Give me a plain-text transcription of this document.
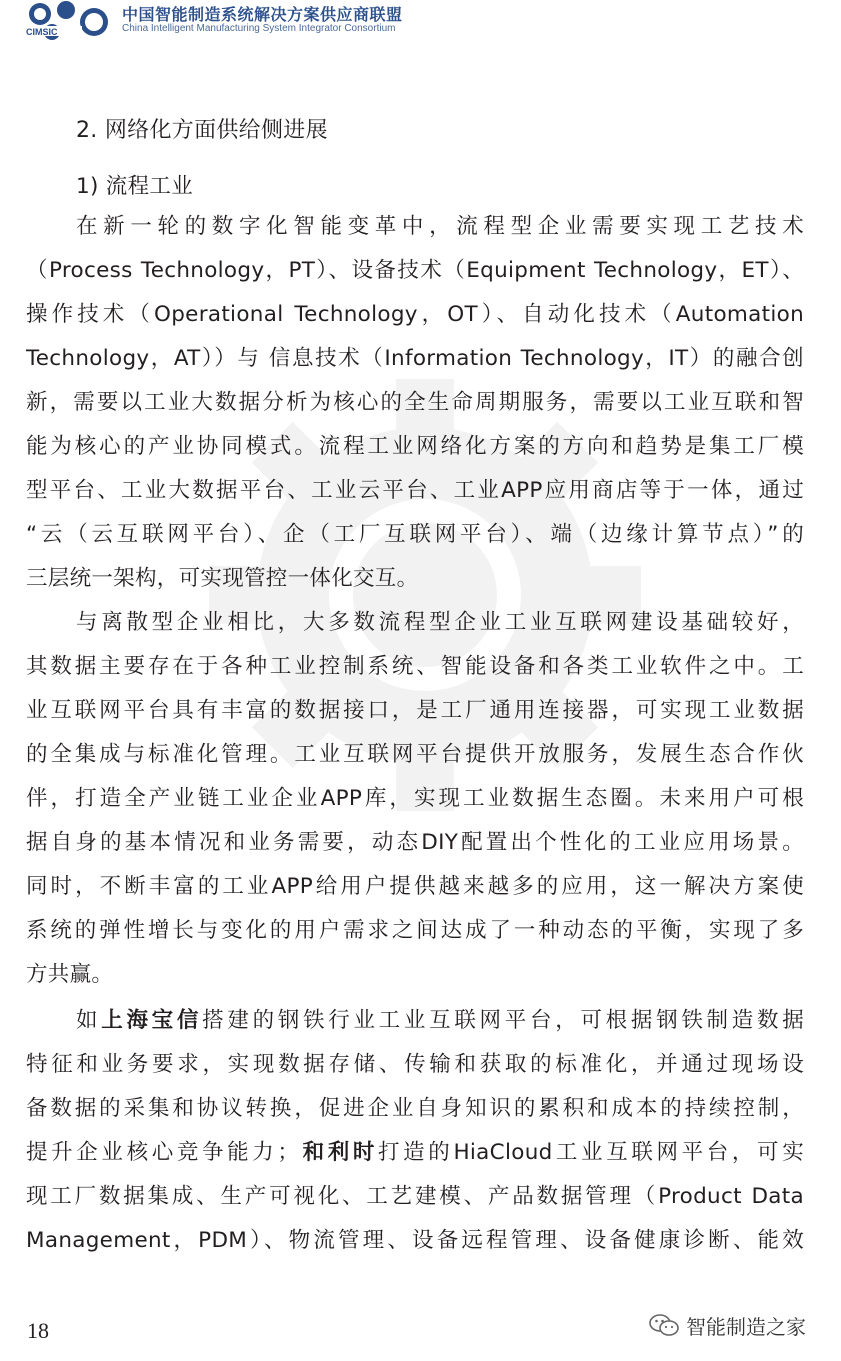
CIMSIC
中国智能制造系统解决方案供应商联盟
China Intelligent Manufacturing System Integrator Consortium
2. 网络化方面供给侧进展
1) 流程工业
在新一轮的数字化智能变革中，流程型企业需要实现工艺技术
（Process Technology，PT）、设备技术（Equipment Technology，ET）、
操作技术（Operational Technology，OT）、自动化技术（Automation
Technology，AT））与 信息技术（Information Technology，IT）的融合创
新，需要以工业大数据分析为核心的全生命周期服务，需要以工业互联和智
能为核心的产业协同模式。流程工业网络化方案的方向和趋势是集工厂模
型平台、工业大数据平台、工业云平台、工业APP应用商店等于一体，通过
“云（云互联网平台）、企（工厂互联网平台）、端（边缘计算节点）”的
三层统一架构，可实现管控一体化交互。
与离散型企业相比，大多数流程型企业工业互联网建设基础较好，
其数据主要存在于各种工业控制系统、智能设备和各类工业软件之中。工
业互联网平台具有丰富的数据接口，是工厂通用连接器，可实现工业数据
的全集成与标准化管理。工业互联网平台提供开放服务，发展生态合作伙
伴，打造全产业链工业企业APP库，实现工业数据生态圈。未来用户可根
据自身的基本情况和业务需要，动态DIY配置出个性化的工业应用场景。
同时，不断丰富的工业APP给用户提供越来越多的应用，这一解决方案使
系统的弹性增长与变化的用户需求之间达成了一种动态的平衡，实现了多
方共赢。
如上海宝信搭建的钢铁行业工业互联网平台，可根据钢铁制造数据
特征和业务要求，实现数据存储、传输和获取的标准化，并通过现场设
备数据的采集和协议转换，促进企业自身知识的累积和成本的持续控制，
提升企业核心竞争能力；和利时打造的HiaCloud工业互联网平台，可实
现工厂数据集成、生产可视化、工艺建模、产品数据管理（Product Data
Management，PDM）、物流管理、设备远程管理、设备健康诊断、能效
18	智能制造之家
